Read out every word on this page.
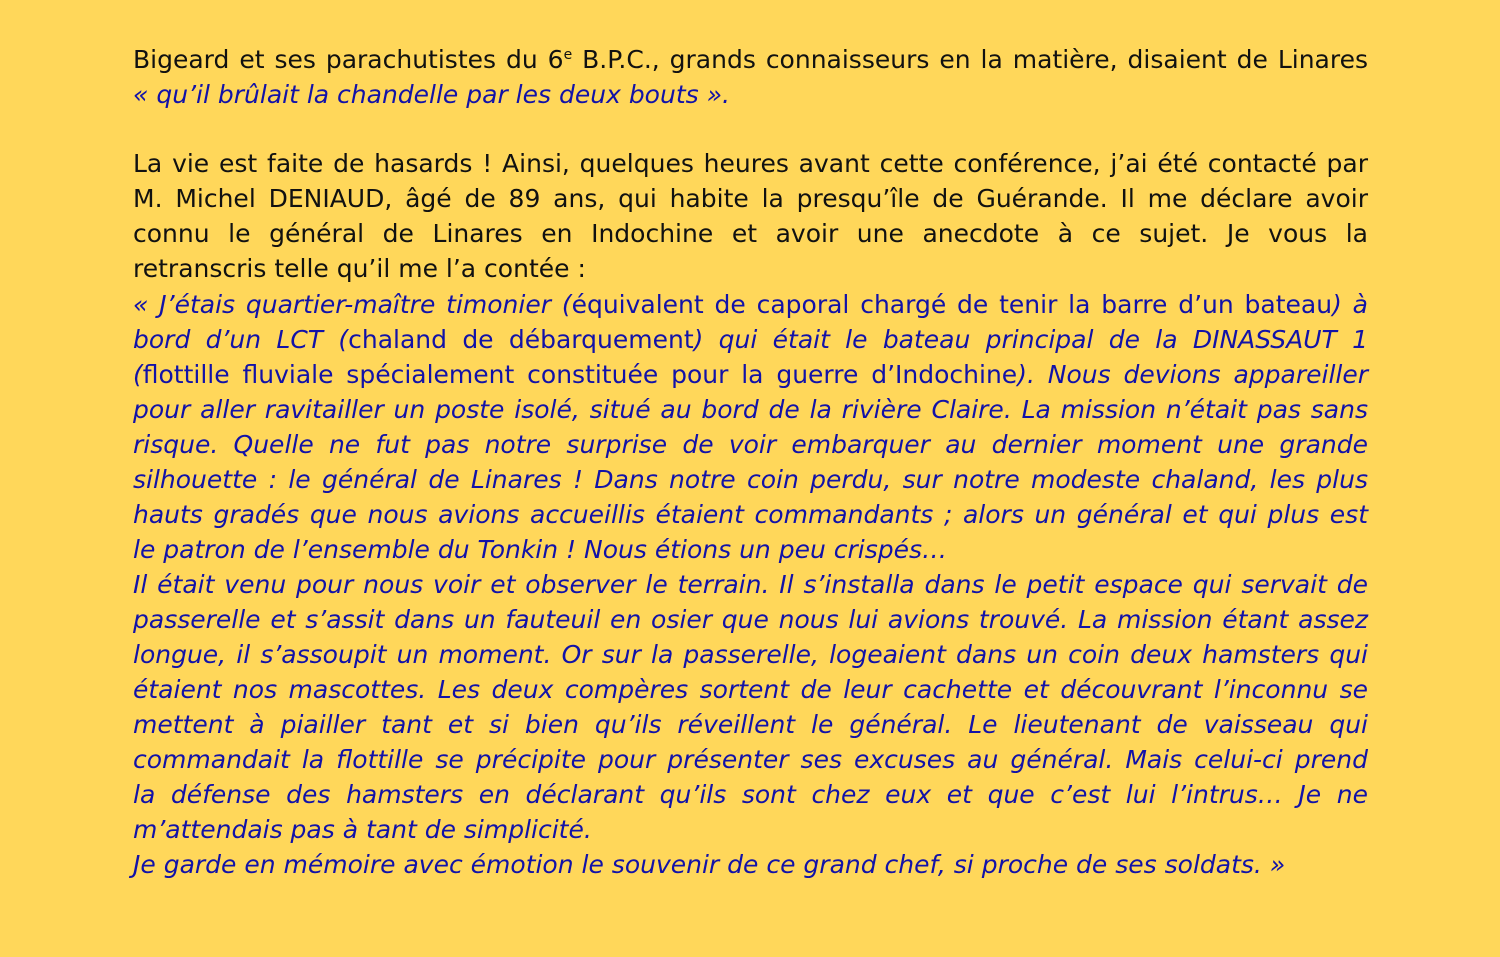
Bigeard et ses parachutistes du 6e B.P.C., grands connaisseurs en la matière, disaient de Linares
« qu’il brûlait la chandelle par les deux bouts ».
La vie est faite de hasards ! Ainsi, quelques heures avant cette conférence, j’ai été contacté par
M. Michel DENIAUD, âgé de 89 ans, qui habite la presqu’île de Guérande. Il me déclare avoir
connu le général de Linares en Indochine et avoir une anecdote à ce sujet. Je vous la
retranscris telle qu’il me l’a contée :
« J’étais quartier-maître timonier (équivalent de caporal chargé de tenir la barre d’un bateau) à
bord d’un LCT (chaland de débarquement) qui était le bateau principal de la DINASSAUT 1
(flottille fluviale spécialement constituée pour la guerre d’Indochine). Nous devions appareiller
pour aller ravitailler un poste isolé, situé au bord de la rivière Claire. La mission n’était pas sans
risque. Quelle ne fut pas notre surprise de voir embarquer au dernier moment une grande
silhouette : le général de Linares ! Dans notre coin perdu, sur notre modeste chaland, les plus
hauts gradés que nous avions accueillis étaient commandants ; alors un général et qui plus est
le patron de l’ensemble du Tonkin ! Nous étions un peu crispés…
Il était venu pour nous voir et observer le terrain. Il s’installa dans le petit espace qui servait de
passerelle et s’assit dans un fauteuil en osier que nous lui avions trouvé. La mission étant assez
longue, il s’assoupit un moment. Or sur la passerelle, logeaient dans un coin deux hamsters qui
étaient nos mascottes. Les deux compères sortent de leur cachette et découvrant l’inconnu se
mettent à piailler tant et si bien qu’ils réveillent le général. Le lieutenant de vaisseau qui
commandait la flottille se précipite pour présenter ses excuses au général. Mais celui-ci prend
la défense des hamsters en déclarant qu’ils sont chez eux et que c’est lui l’intrus… Je ne
m’attendais pas à tant de simplicité.
Je garde en mémoire avec émotion le souvenir de ce grand chef, si proche de ses soldats. »
